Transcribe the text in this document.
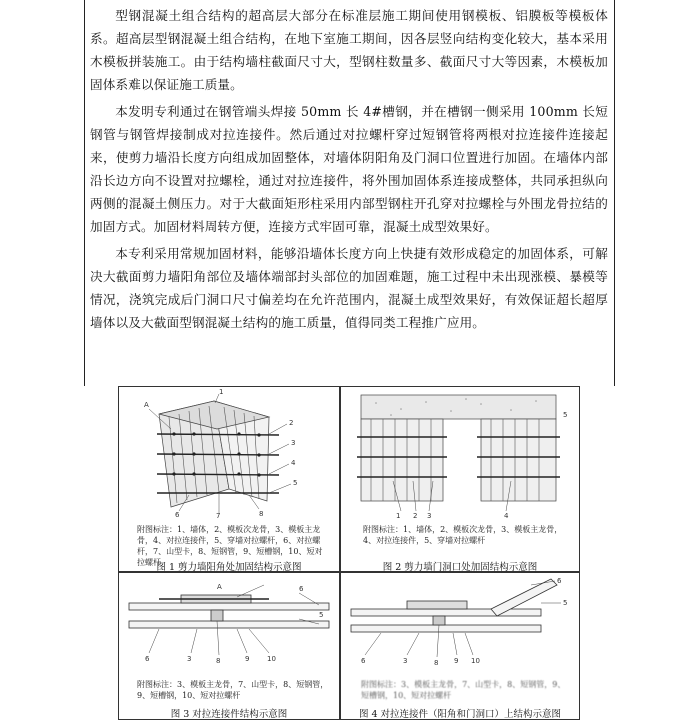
型钢混凝土组合结构的超高层大部分在标准层施工期间使用钢模板、铝膜板等模板体系。超高层型钢混凝土组合结构，在地下室施工期间，因各层竖向结构变化较大，基本采用木模板拼装施工。由于结构墙柱截面尺寸大，型钢柱数量多、截面尺寸大等因素，木模板加固体系难以保证施工质量。

本发明专利通过在钢管端头焊接 50mm 长 4#槽钢，并在槽钢一侧采用 100mm 长短钢管与钢管焊接制成对拉连接件。然后通过对拉螺杆穿过短钢管将两根对拉连接件连接起来，使剪力墙沿长度方向组成加固整体，对墙体阴阳角及门洞口位置进行加固。在墙体内部沿长边方向不设置对拉螺栓，通过对拉连接件，将外围加固体系连接成整体，共同承担纵向两侧的混凝土侧压力。对于大截面矩形柱采用内部型钢柱开孔穿对拉螺栓与外围龙骨拉结的加固方式。加固材料周转方便，连接方式牢固可靠，混凝土成型效果好。

本专利采用常规加固材料，能够沿墙体长度方向上快捷有效形成稳定的加固体系，可解决大截面剪力墙阳角部位及墙体端部封头部位的加固难题，施工过程中未出现涨模、暴模等情况，浇筑完成后门洞口尺寸偏差均在允许范围内，混凝土成型效果好，有效保证超长超厚墙体以及大截面型钢混凝土结构的施工质量，值得同类工程推广应用。

A
1
2
3
4
5
6	7	8
附图标注：1、墙体，2、模板次龙骨，3、模板主龙骨，4、对拉连接件，5、穿墙对拉螺杆，6、对拉螺杆，7、山型卡，8、短钢管，9、短槽钢，10、短对拉螺杆
图 1 剪力墙阳角处加固结构示意图
1 2 3	4
5
附图标注：1、墙体，2、模板次龙骨，3、模板主龙骨，4、对拉连接件，5、穿墙对拉螺杆
图 2 剪力墙门洞口处加固结构示意图
A	6
5
6	3	8	9	10
附图标注：3、模板主龙骨，7、山型卡，8、短钢管，9、短槽钢，10、短对拉螺杆
图 3 对拉连接件结构示意图
6
5
6	3	8 9 10
附图标注：3、模板主龙骨，7、山型卡，8、短钢管，9、短槽钢，10、短对拉螺杆
图 4 对拉连接件（阳角和门洞口）上结构示意图
